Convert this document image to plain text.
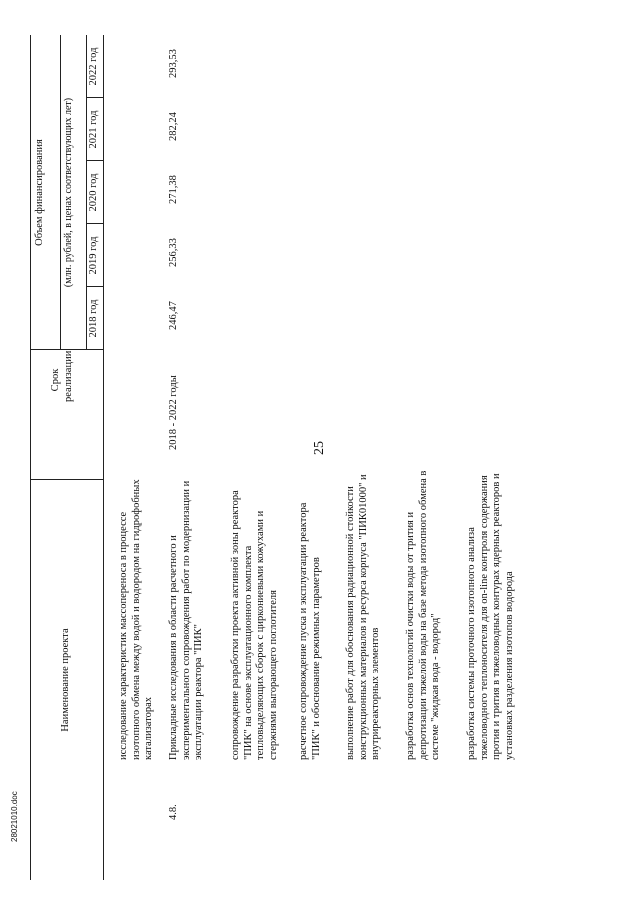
25
28021010.doc
Наименование проекта
Срок реализации
Объем финансирования (млн. рублей, в ценах соответствующих лет)
2018 год
2019 год
2020 год
2021 год
2022 год
исследование характеристик массопереноса в процессе изотопного обмена между водой и водородом на гидрофобных катализаторах
4.8.
Прикладные исследования в области расчетного и экспериментального сопровождения работ по модернизации и эксплуатации реактора "ПИК"
2018 - 2022 годы
246,47
256,33
271,38
282,24
293,53
сопровождение разработки проекта активной зоны реактора "ПИК" на основе эксплуатационного комплекта тепловыделяющих сборок с циркониевыми кожухами и стержнями выгорающего поглотителя расчетное сопровождение пуска и эксплуатации реактора "ПИК" и обоснование режимных параметров выполнение работ для обоснования радиационной стойкости конструкционных материалов и ресурса корпуса "ПИК01000" и внутриреакторных элементов разработка основ технологий очистки воды от трития и депротизации тяжелой воды на базе метода изотопного обмена в системе "жидкая вода - водород" разработка системы проточного изотопного анализа тяжеловодного теплоносителя для on-line контроля содержания протия и трития в тяжеловодных контурах ядерных реакторов и установках разделения изотопов водорода
